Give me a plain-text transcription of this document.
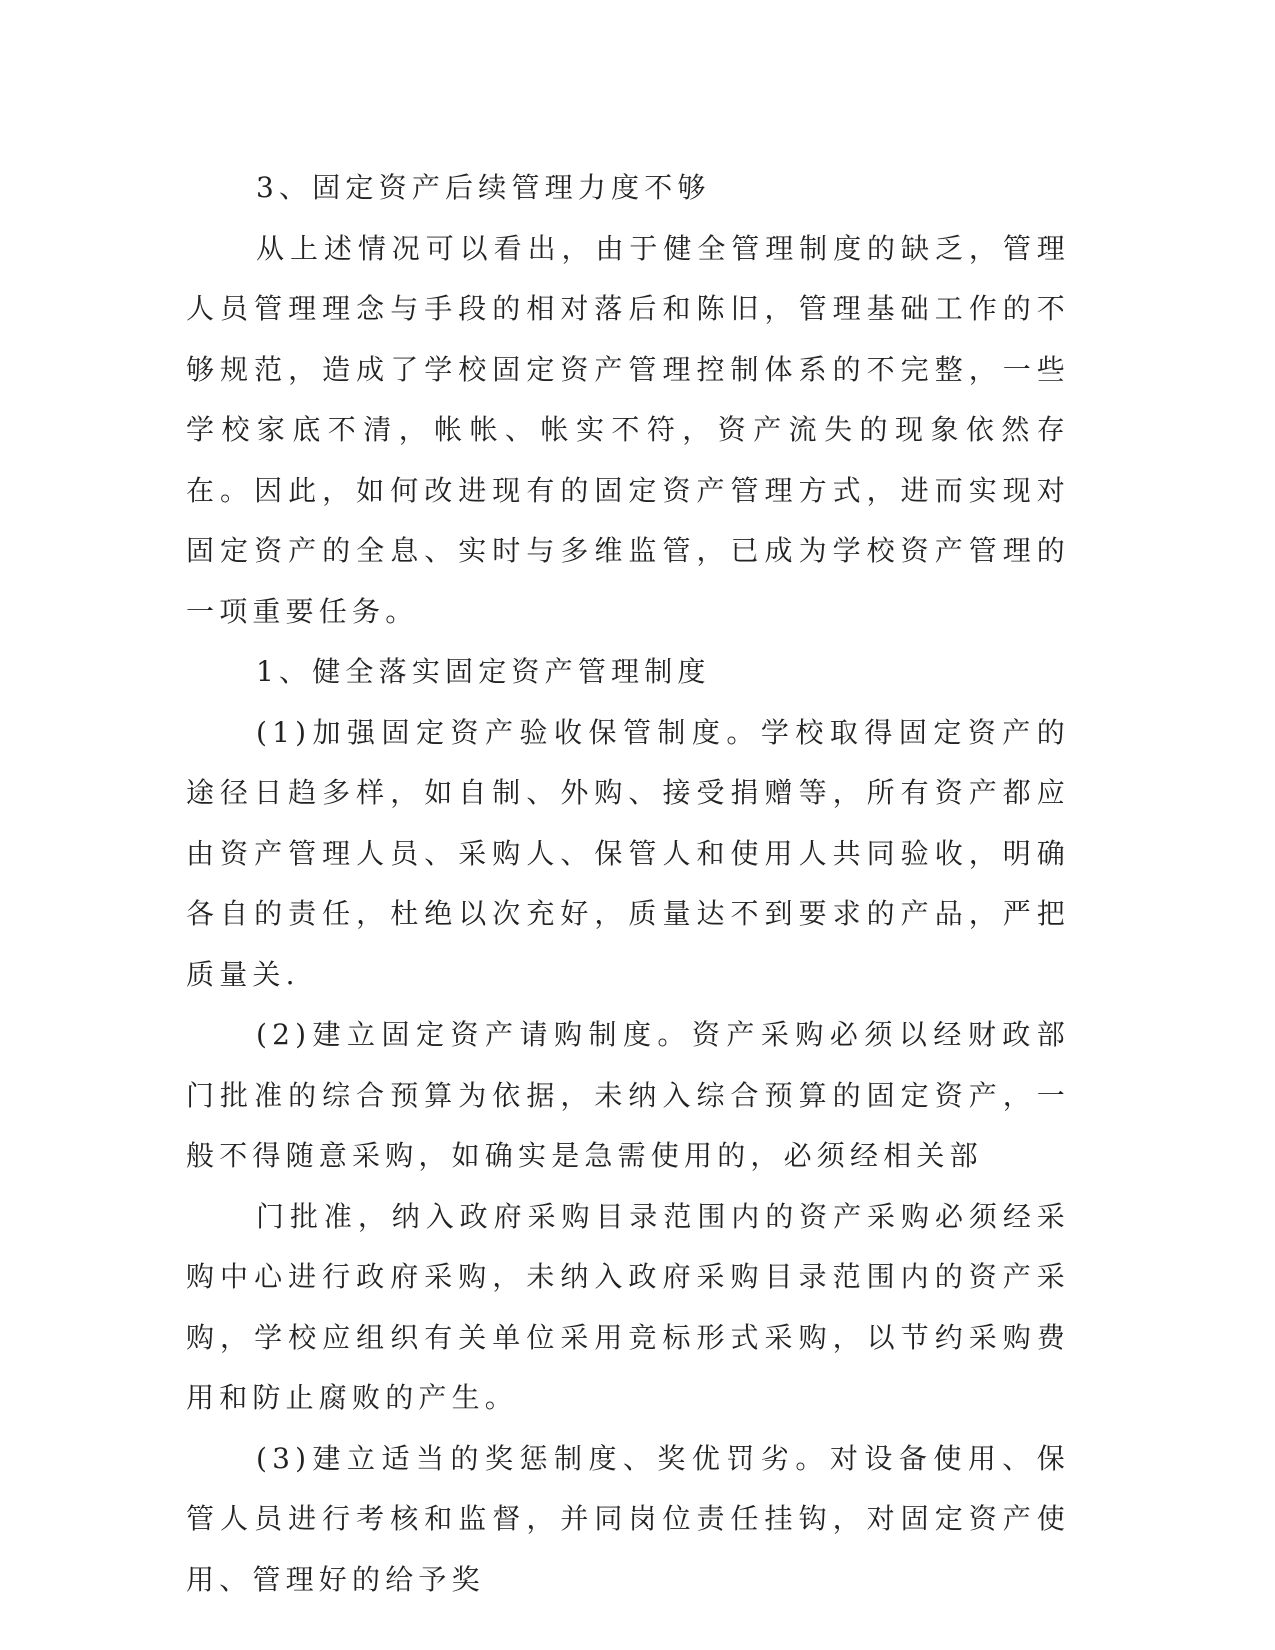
3、固定资产后续管理力度不够

从上述情况可以看出，由于健全管理制度的缺乏，管理人员管理理念与手段的相对落后和陈旧，管理基础工作的不够规范，造成了学校固定资产管理控制体系的不完整，一些学校家底不清，帐帐、帐实不符，资产流失的现象依然存在。因此，如何改进现有的固定资产管理方式，进而实现对固定资产的全息、实时与多维监管，已成为学校资产管理的一项重要任务。

1、健全落实固定资产管理制度

(1)加强固定资产验收保管制度。学校取得固定资产的途径日趋多样，如自制、外购、接受捐赠等，所有资产都应由资产管理人员、采购人、保管人和使用人共同验收，明确各自的责任，杜绝以次充好，质量达不到要求的产品，严把质量关.

(2)建立固定资产请购制度。资产采购必须以经财政部门批准的综合预算为依据，未纳入综合预算的固定资产，一般不得随意采购，如确实是急需使用的，必须经相关部

门批准，纳入政府采购目录范围内的资产采购必须经采购中心进行政府采购，未纳入政府采购目录范围内的资产采购，学校应组织有关单位采用竞标形式采购，以节约采购费用和防止腐败的产生。

(3)建立适当的奖惩制度、奖优罚劣。对设备使用、保管人员进行考核和监督，并同岗位责任挂钩，对固定资产使用、管理好的给予奖
